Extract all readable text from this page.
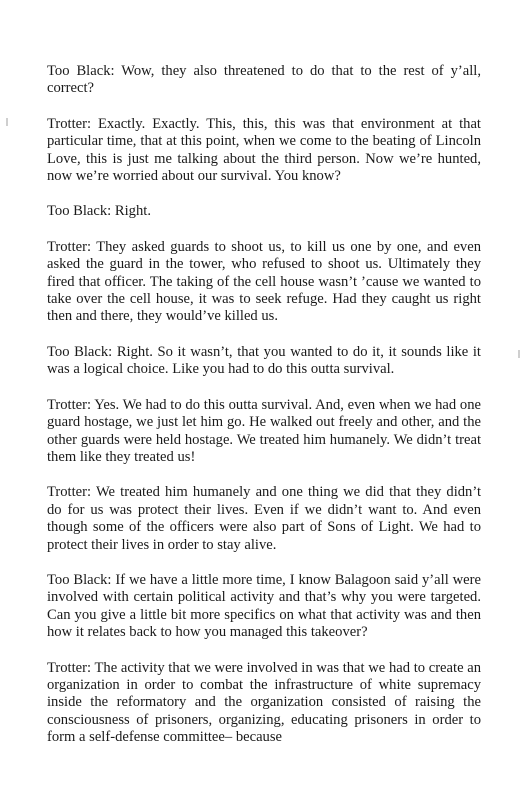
Too Black: Wow, they also threatened to do that to the rest of y’all, correct?

Trotter: Exactly. Exactly. This, this, this was that environment at that particular time, that at this point, when we come to the beating of Lincoln Love, this is just me talking about the third person. Now we’re hunted, now we’re worried about our survival. You know?

Too Black: Right.

Trotter: They asked guards to shoot us, to kill us one by one, and even asked the guard in the tower, who refused to shoot us. Ultimately they fired that officer. The taking of the cell house wasn’t ’cause we wanted to take over the cell house, it was to seek refuge. Had they caught us right then and there, they would’ve killed us.

Too Black: Right. So it wasn’t, that you wanted to do it, it sounds like it was a logical choice. Like you had to do this outta survival.

Trotter: Yes. We had to do this outta survival. And, even when we had one guard hostage, we just let him go. He walked out freely and other, and the other guards were held hostage. We treated him humanely. We didn’t treat them like they treated us!

Trotter: We treated him humanely and one thing we did that they didn’t do for us was protect their lives. Even if we didn’t want to. And even though some of the officers were also part of Sons of Light. We had to protect their lives in order to stay alive.

Too Black: If we have a little more time, I know Balagoon said y’all were involved with certain political activity and that’s why you were targeted. Can you give a little bit more specifics on what that activity was and then how it relates back to how you managed this takeover?

Trotter: The activity that we were involved in was that we had to create an organization in order to combat the infrastructure of white supremacy inside the reformatory and the organization consisted of raising the consciousness of prisoners, organizing, educating prisoners in order to form a self-defense committee– because
